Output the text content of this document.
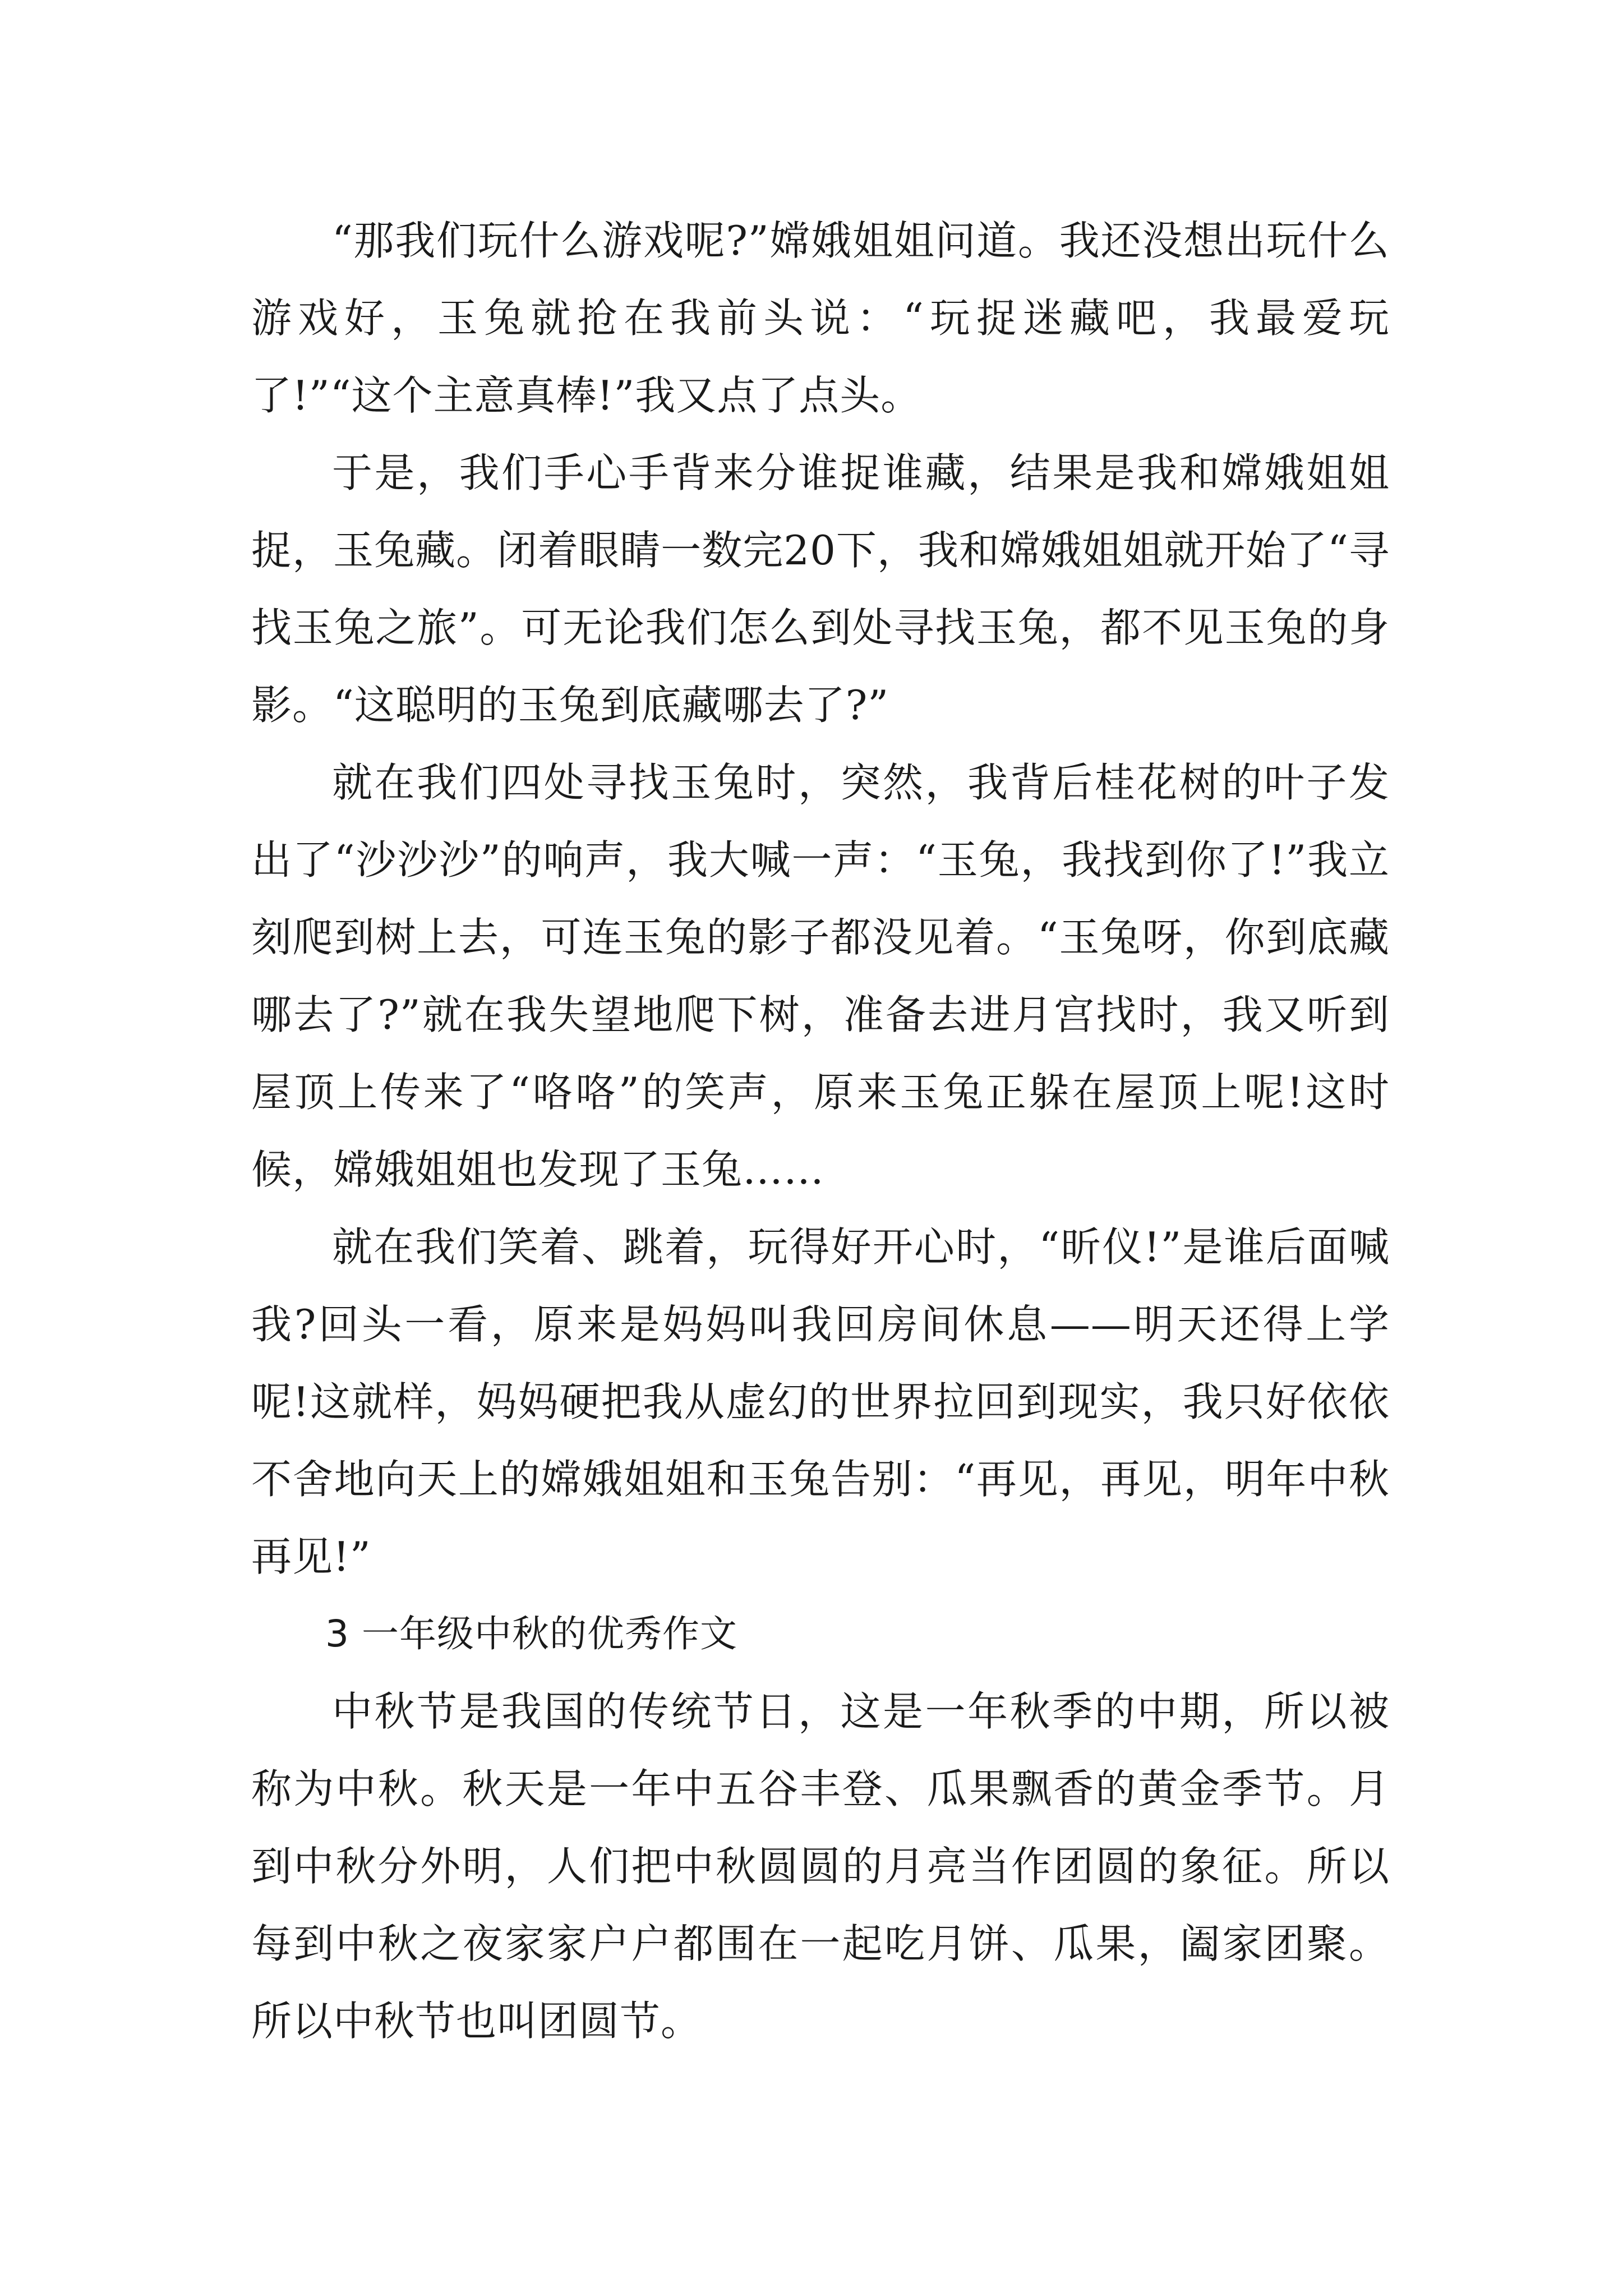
“那我们玩什么游戏呢?”嫦娥姐姐问道。我还没想出玩什么游戏好，玉兔就抢在我前头说：“玩捉迷藏吧，我最爱玩了!”“这个主意真棒!”我又点了点头。

于是，我们手心手背来分谁捉谁藏，结果是我和嫦娥姐姐捉，玉兔藏。闭着眼睛一数完20下，我和嫦娥姐姐就开始了“寻找玉兔之旅”。可无论我们怎么到处寻找玉兔，都不见玉兔的身影。“这聪明的玉兔到底藏哪去了?”

就在我们四处寻找玉兔时，突然，我背后桂花树的叶子发出了“沙沙沙”的响声，我大喊一声：“玉兔，我找到你了!”我立刻爬到树上去，可连玉兔的影子都没见着。“玉兔呀，你到底藏哪去了?”就在我失望地爬下树，准备去进月宫找时，我又听到屋顶上传来了“咯咯”的笑声，原来玉兔正躲在屋顶上呢!这时候，嫦娥姐姐也发现了玉兔……

就在我们笑着、跳着，玩得好开心时，“昕仪!”是谁后面喊我?回头一看，原来是妈妈叫我回房间休息——明天还得上学呢!这就样，妈妈硬把我从虚幻的世界拉回到现实，我只好依依不舍地向天上的嫦娥姐姐和玉兔告别：“再见，再见，明年中秋再见!”

3 一年级中秋的优秀作文

中秋节是我国的传统节日，这是一年秋季的中期，所以被称为中秋。秋天是一年中五谷丰登、瓜果飘香的黄金季节。月到中秋分外明，人们把中秋圆圆的月亮当作团圆的象征。所以每到中秋之夜家家户户都围在一起吃月饼、瓜果，阖家团聚。所以中秋节也叫团圆节。
